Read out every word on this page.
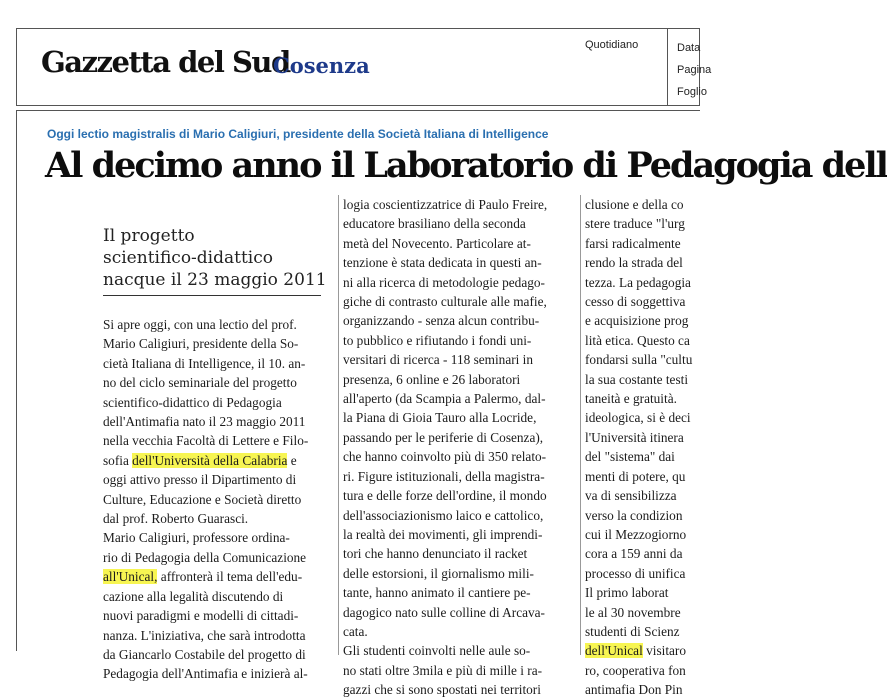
Gazzetta del Sud
Cosenza
Quotidiano	Data
Pagina
Foglio
Oggi lectio magistralis di Mario Caligiuri, presidente della Società Italiana di Intelligence
Al decimo anno il Laboratorio di Pedagogia dell
Il progetto
scientifico-didattico
nacque il 23 maggio 2011

Si apre oggi, con una lectio del prof.

Mario Caligiuri, presidente della So-

cietà Italiana di Intelligence, il 10. an-

no del ciclo seminariale del progetto

scientifico-didattico di Pedagogia

dell'Antimafia nato il 23 maggio 2011

nella vecchia Facoltà di Lettere e Filo-

sofia dell'Università della Calabria e

oggi attivo presso il Dipartimento di

Culture, Educazione e Società diretto

dal prof. Roberto Guarasci.

Mario Caligiuri, professore ordina-

rio di Pedagogia della Comunicazione

all'Unical, affronterà il tema dell'edu-

cazione alla legalità discutendo di

nuovi paradigmi e modelli di cittadi-

nanza. L'iniziativa, che sarà introdotta

da Giancarlo Costabile del progetto di

Pedagogia dell'Antimafia e inizierà al-

logia coscientizzatrice di Paulo Freire,

educatore brasiliano della seconda

metà del Novecento. Particolare at-

tenzione è stata dedicata in questi an-

ni alla ricerca di metodologie pedago-

giche di contrasto culturale alle mafie,

organizzando - senza alcun contribu-

to pubblico e rifiutando i fondi uni-

versitari di ricerca - 118 seminari in

presenza, 6 online e 26 laboratori

all'aperto (da Scampia a Palermo, dal-

la Piana di Gioia Tauro alla Locride,

passando per le periferie di Cosenza),

che hanno coinvolto più di 350 relato-

ri. Figure istituzionali, della magistra-

tura e delle forze dell'ordine, il mondo

dell'associazionismo laico e cattolico,

la realtà dei movimenti, gli imprendi-

tori che hanno denunciato il racket

delle estorsioni, il giornalismo mili-

tante, hanno animato il cantiere pe-

dagogico nato sulle colline di Arcava-

cata.

Gli studenti coinvolti nelle aule so-

no stati oltre 3mila e più di mille i ra-

gazzi che si sono spostati nei territori

clusione e della co

stere traduce "l'urg

farsi radicalmente

rendo la strada del

tezza. La pedagogia

cesso di soggettiva

e acquisizione prog

lità etica. Questo ca

fondarsi sulla "cultu

la sua costante testi

taneità e gratuità.

ideologica, si è deci

l'Università itinera

del "sistema" dai

menti di potere, qu

va di sensibilizza

verso la condizion

cui il Mezzogiorno

cora a 159 anni da

processo di unifica

Il primo laborat

le al 30 novembre

studenti di Scienz

dell'Unical visitaro

ro, cooperativa fon

antimafia Don Pin
